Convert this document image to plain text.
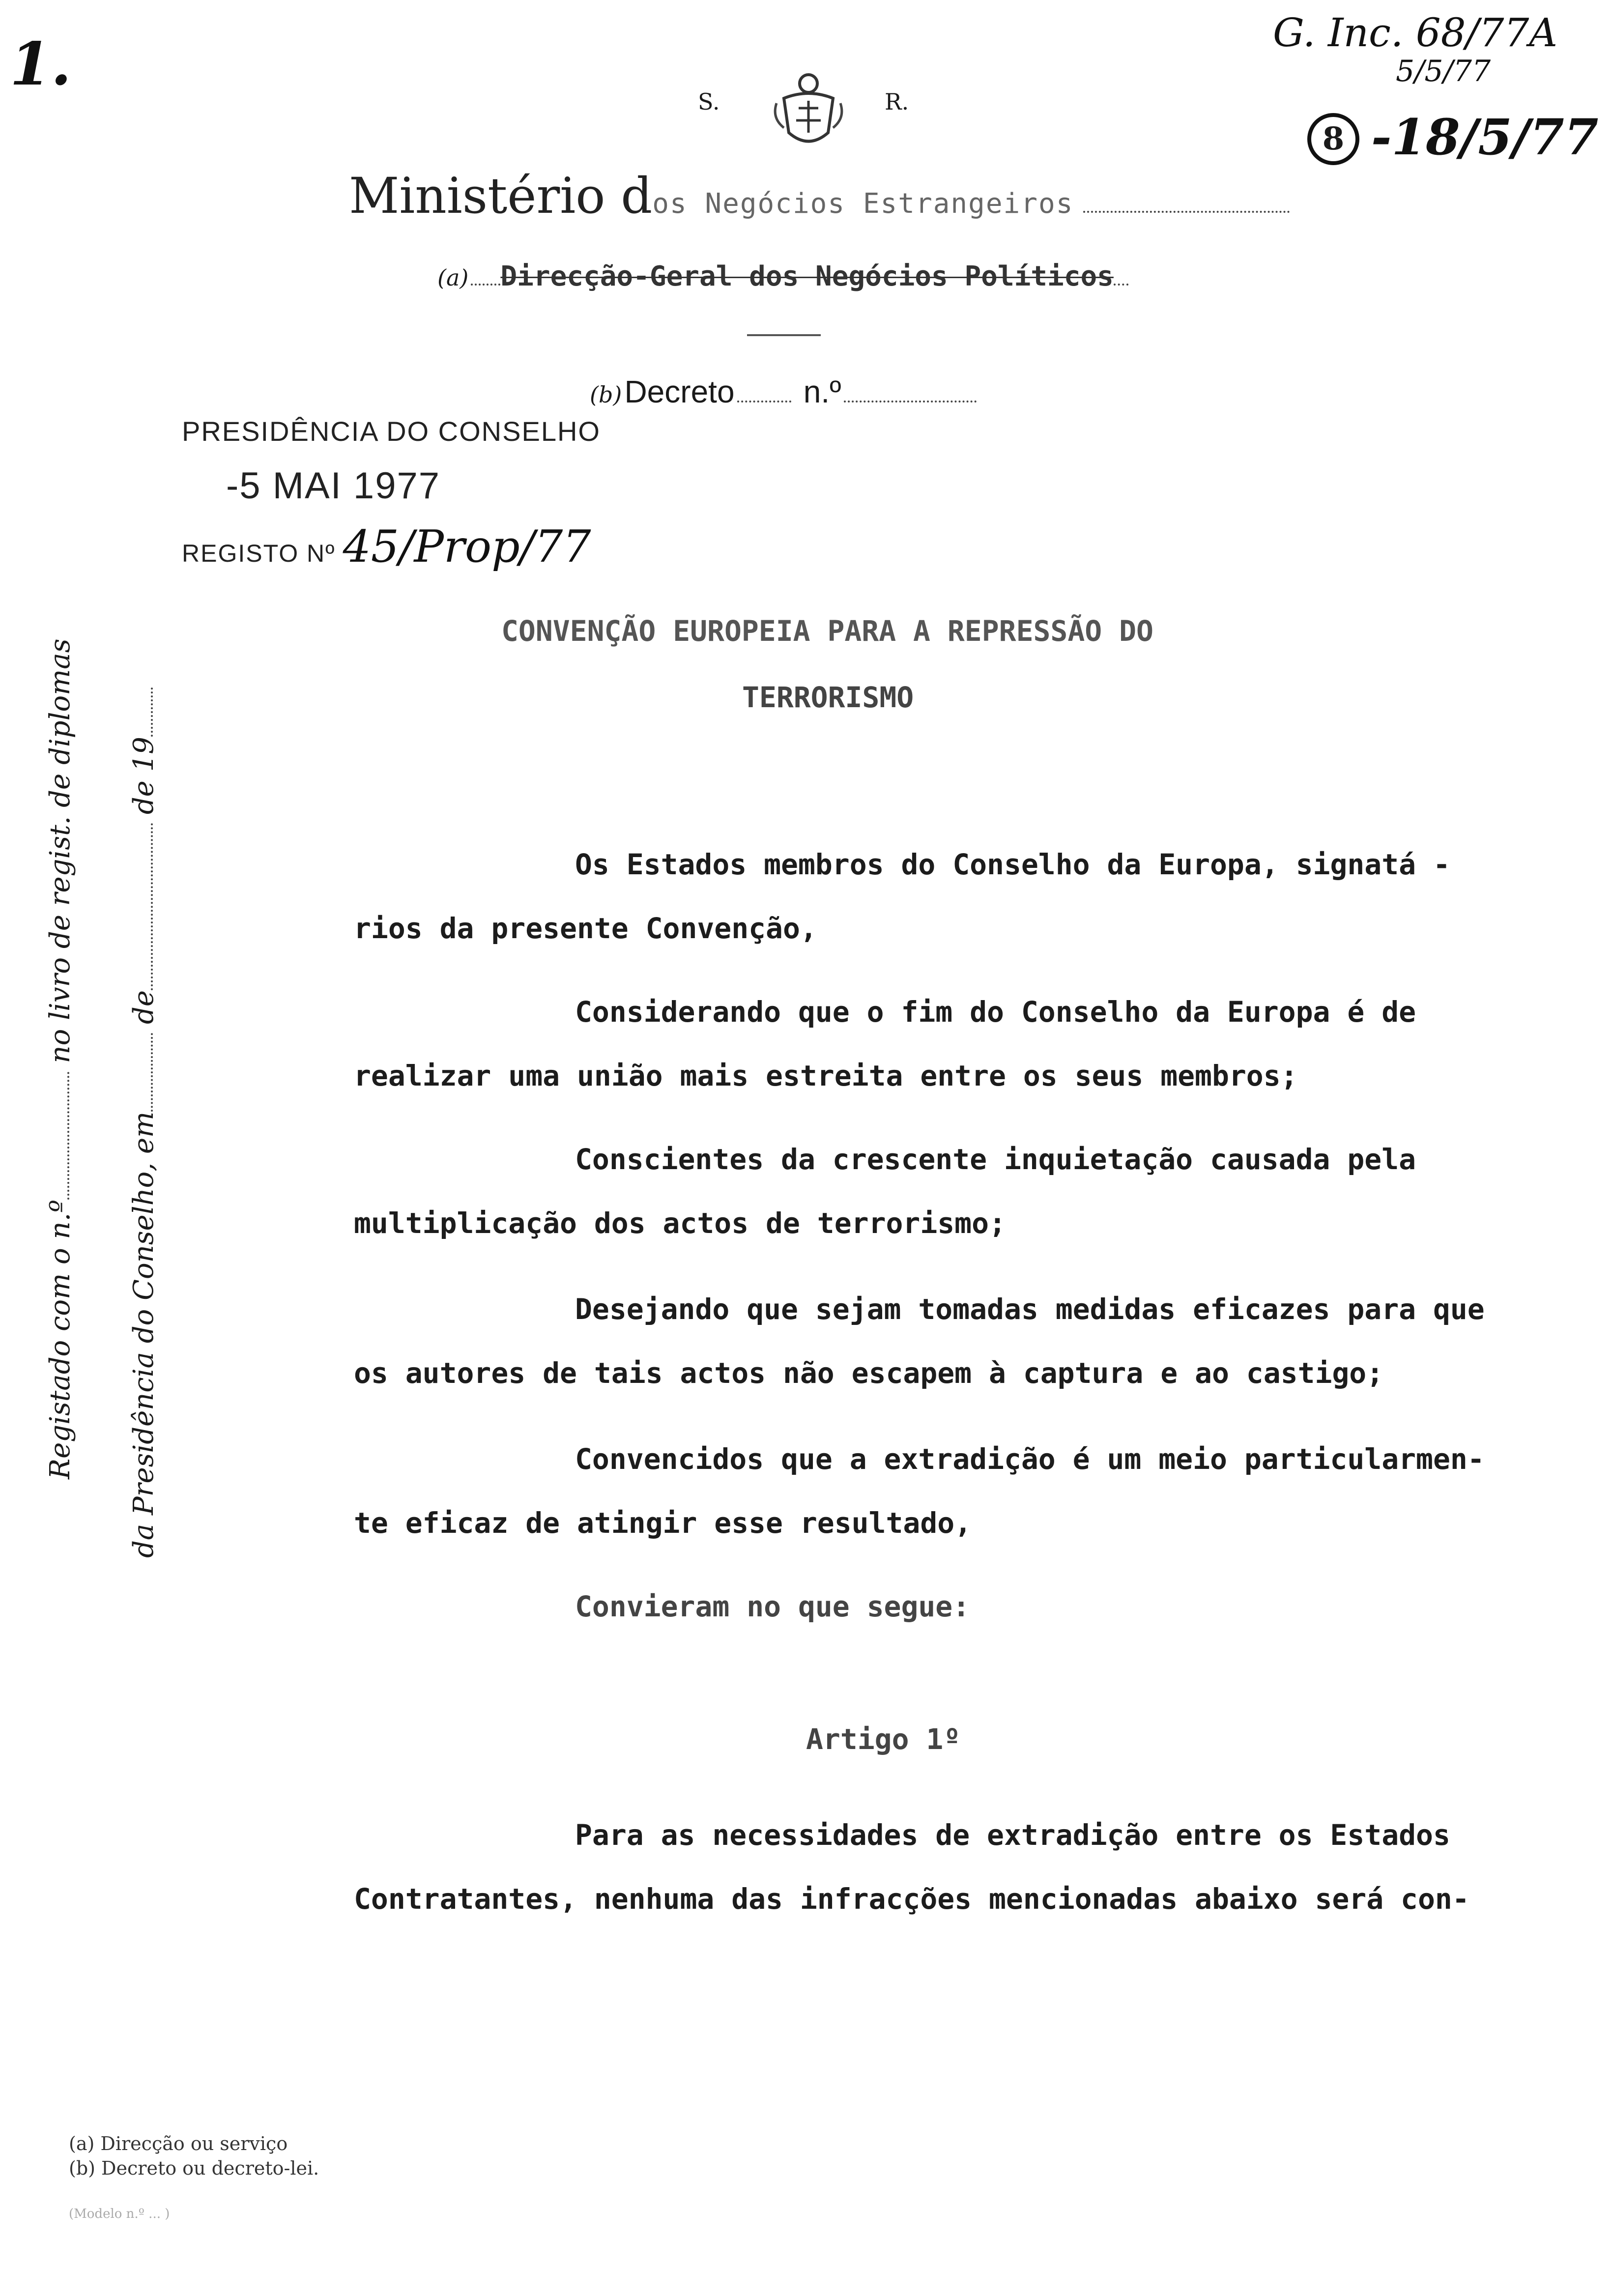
1.
S.	R.
G. Inc. 68/77A
5/5/77
8 -18/5/77
Ministério dos Negócios Estrangeiros
(a) Direcção-Geral dos Negócios Políticos
(b) Decreto n.º
PRESIDÊNCIA DO CONSELHO
-5 MAI 1977
REGISTO Nº 45/Prop/77
Registado com o n.º no livro de regist. de diplomas
da Presidência do Conselho, em de de 19
CONVENÇÃO EUROPEIA PARA A REPRESSÃO DO
TERRORISMO
Os Estados membros do Conselho da Europa, signatá -
rios da presente Convenção,
Considerando que o fim do Conselho da Europa é de
realizar uma união mais estreita entre os seus membros;
Conscientes da crescente inquietação causada pela
multiplicação dos actos de terrorismo;
Desejando que sejam tomadas medidas eficazes para que
os autores de tais actos não escapem à captura e ao castigo;
Convencidos que a extradição é um meio particularmen-
te eficaz de atingir esse resultado,
Convieram no que segue:
Artigo 1º
Para as necessidades de extradição entre os Estados
Contratantes, nenhuma das infracções mencionadas abaixo será con-
(a) Direcção ou serviço
(b) Decreto ou decreto-lei.
(Modelo n.º ... )
